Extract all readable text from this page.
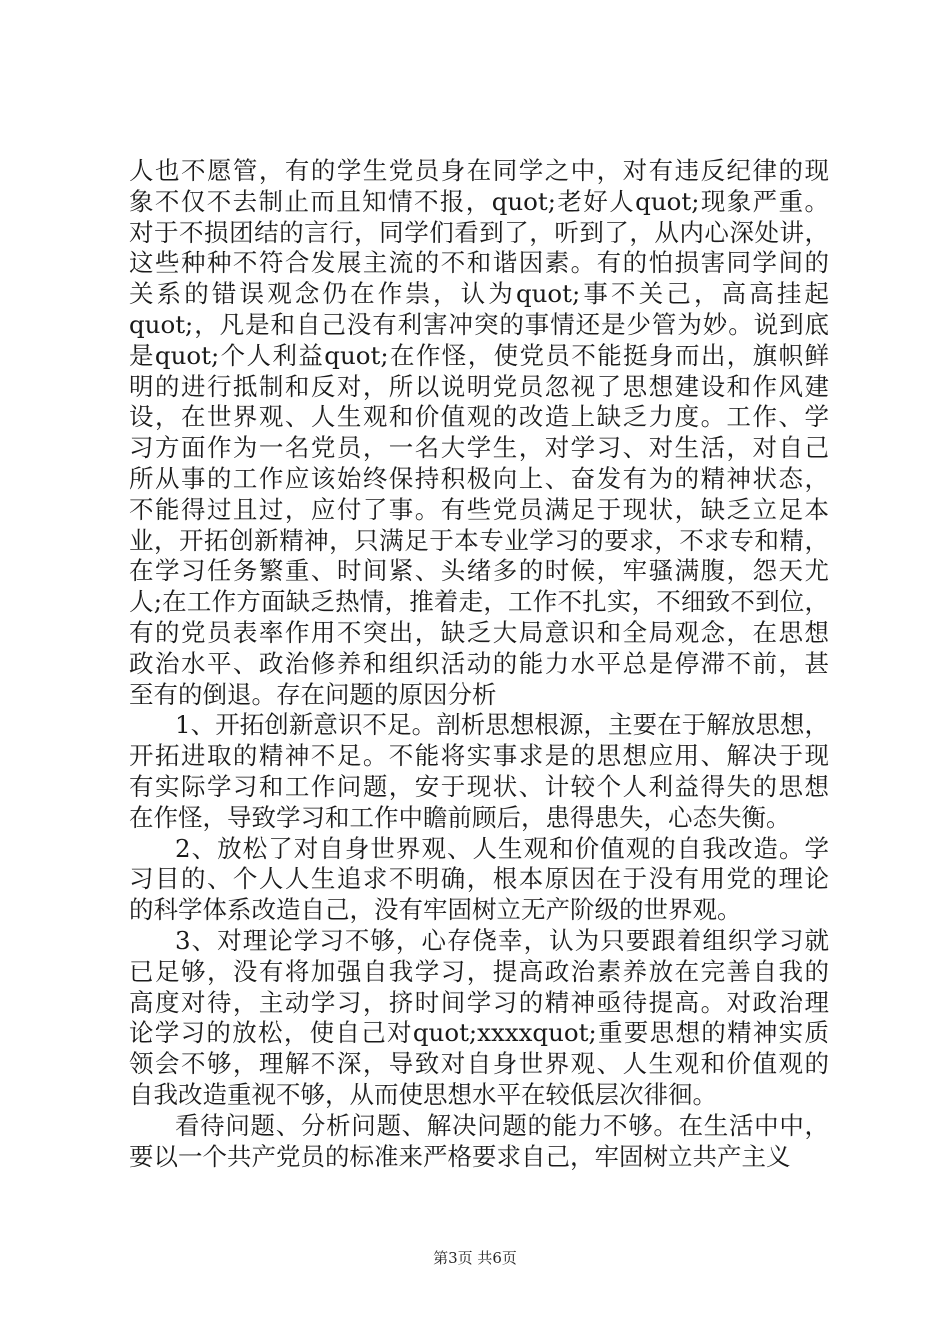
人也不愿管，有的学生党员身在同学之中，对有违反纪律的现
象不仅不去制止而且知情不报，quot;老好人quot;现象严重。
对于不损团结的言行，同学们看到了，听到了，从内心深处讲，
这些种种不符合发展主流的不和谐因素。有的怕损害同学间的
关系的错误观念仍在作祟，认为quot;事不关己，高高挂起
quot;，凡是和自己没有利害冲突的事情还是少管为妙。说到底
是quot;个人利益quot;在作怪，使党员不能挺身而出，旗帜鲜
明的进行抵制和反对，所以说明党员忽视了思想建设和作风建
设，在世界观、人生观和价值观的改造上缺乏力度。工作、学
习方面作为一名党员，一名大学生，对学习、对生活，对自己
所从事的工作应该始终保持积极向上、奋发有为的精神状态，
不能得过且过，应付了事。有些党员满足于现状，缺乏立足本
业，开拓创新精神，只满足于本专业学习的要求，不求专和精，
在学习任务繁重、时间紧、头绪多的时候，牢骚满腹，怨天尤
人;在工作方面缺乏热情，推着走，工作不扎实，不细致不到位，
有的党员表率作用不突出，缺乏大局意识和全局观念，在思想
政治水平、政治修养和组织活动的能力水平总是停滞不前，甚
至有的倒退。存在问题的原因分析
1、开拓创新意识不足。剖析思想根源，主要在于解放思想，
开拓进取的精神不足。不能将实事求是的思想应用、解决于现
有实际学习和工作问题，安于现状、计较个人利益得失的思想
在作怪，导致学习和工作中瞻前顾后，患得患失，心态失衡。
2、放松了对自身世界观、人生观和价值观的自我改造。学
习目的、个人人生追求不明确，根本原因在于没有用党的理论
的科学体系改造自己，没有牢固树立无产阶级的世界观。
3、对理论学习不够，心存侥幸，认为只要跟着组织学习就
已足够，没有将加强自我学习，提高政治素养放在完善自我的
高度对待，主动学习，挤时间学习的精神亟待提高。对政治理
论学习的放松，使自己对quot;xxxxquot;重要思想的精神实质
领会不够，理解不深，导致对自身世界观、人生观和价值观的
自我改造重视不够，从而使思想水平在较低层次徘徊。
看待问题、分析问题、解决问题的能力不够。在生活中中，
要以一个共产党员的标准来严格要求自己，牢固树立共产主义
第3页 共6页
